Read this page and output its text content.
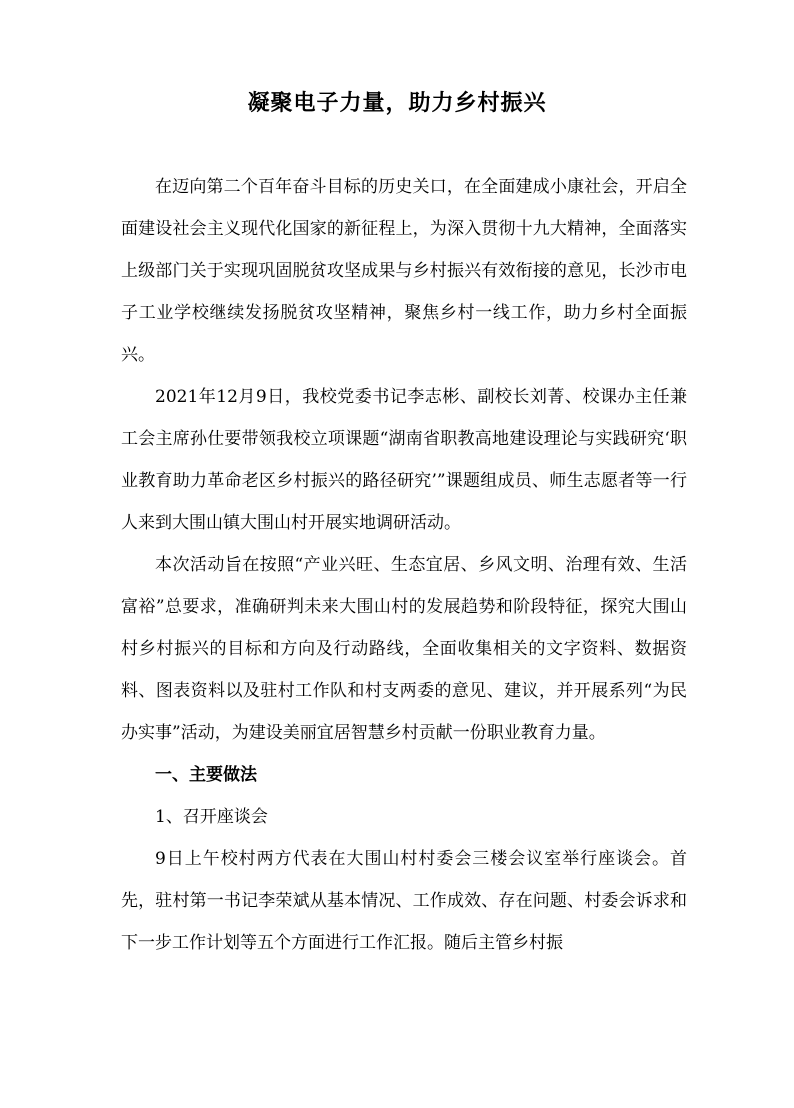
凝聚电子力量，助力乡村振兴

在迈向第二个百年奋斗目标的历史关口，在全面建成小康社会，开启全面建设社会主义现代化国家的新征程上，为深入贯彻十九大精神，全面落实上级部门关于实现巩固脱贫攻坚成果与乡村振兴有效衔接的意见，长沙市电子工业学校继续发扬脱贫攻坚精神，聚焦乡村一线工作，助力乡村全面振兴。

2021年12月9日，我校党委书记李志彬、副校长刘菁、校课办主任兼工会主席孙仕要带领我校立项课题“湖南省职教高地建设理论与实践研究‘职业教育助力革命老区乡村振兴的路径研究’”课题组成员、师生志愿者等一行人来到大围山镇大围山村开展实地调研活动。

本次活动旨在按照“产业兴旺、生态宜居、乡风文明、治理有效、生活富裕”总要求，准确研判未来大围山村的发展趋势和阶段特征，探究大围山村乡村振兴的目标和方向及行动路线，全面收集相关的文字资料、数据资料、图表资料以及驻村工作队和村支两委的意见、建议，并开展系列“为民办实事”活动，为建设美丽宜居智慧乡村贡献一份职业教育力量。

一、主要做法

1、召开座谈会

9日上午校村两方代表在大围山村村委会三楼会议室举行座谈会。首先，驻村第一书记李荣斌从基本情况、工作成效、存在问题、村委会诉求和下一步工作计划等五个方面进行工作汇报。随后主管乡村振
